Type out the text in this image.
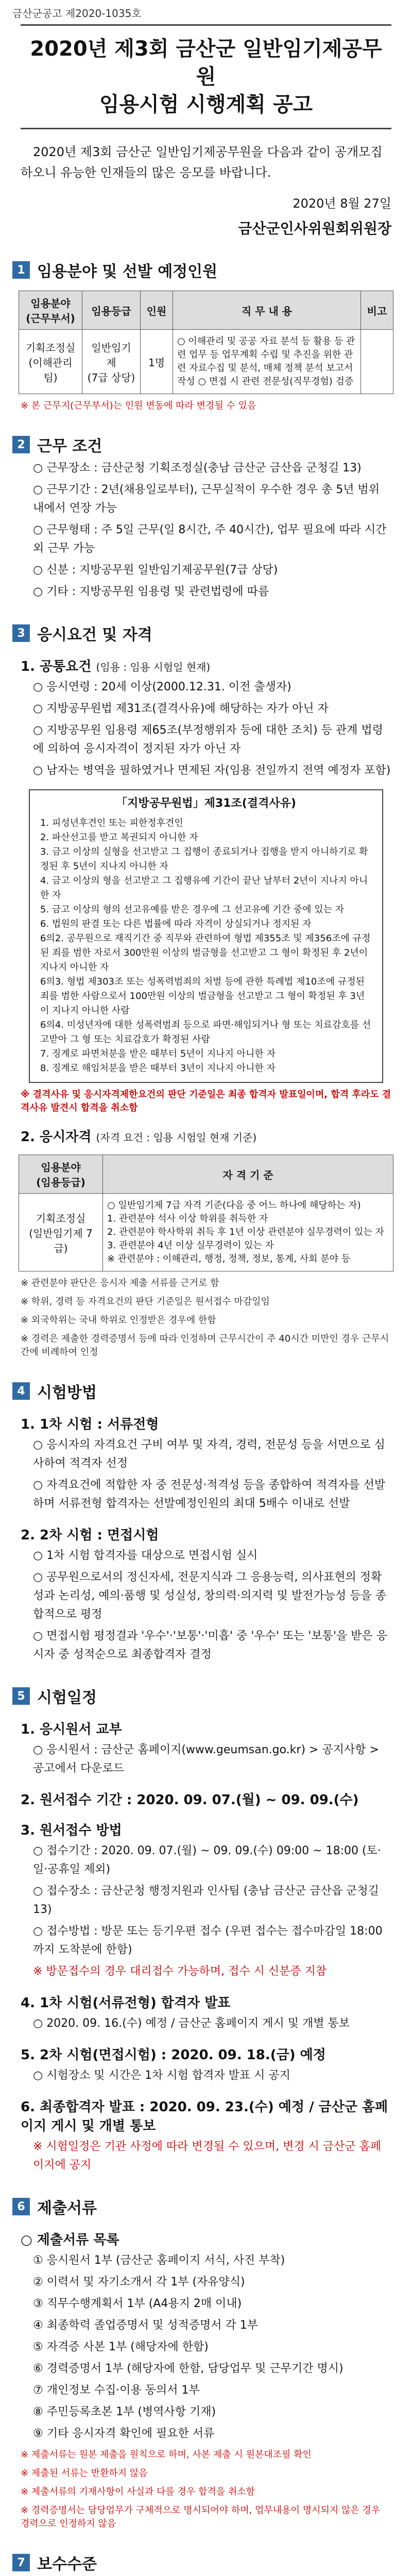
금산군공고 제2020-1035호
2020년 제3회 금산군 일반임기제공무원
임용시험 시행계획 공고
2020년 제3회 금산군 일반임기제공무원을 다음과 같이 공개모집 하오니 유능한 인재들의 많은 응모를 바랍니다.
2020년 8월 27일
금산군인사위원회위원장
1 임용분야 및 선발 예정인원
임용분야
(근무부서)	임용등급	인원	직 무 내 용	비고
기획조정실
(이해관리팀)	일반임기제
(7급 상당)	1명	○ 이해관리 및 공공 자료 분석 등 활용 등 관련 업무 등 업무계획 수립 및 추진을 위한 관련 자료수집 및 분석, 매체 정책 분석 보고서 작성 ○ 면접 시 관련 전문성(직무경험) 검증	
※ 본 근무지(근무부서)는 인원 변동에 따라 변경될 수 있음
2 근무 조건
○ 근무장소 : 금산군청 기획조정실(충남 금산군 금산읍 군청길 13)
○ 근무기간 : 2년(채용일로부터), 근무실적이 우수한 경우 총 5년 범위 내에서 연장 가능
○ 근무형태 : 주 5일 근무(일 8시간, 주 40시간), 업무 필요에 따라 시간 외 근무 가능
○ 신분 : 지방공무원 일반임기제공무원(7급 상당)
○ 기타 : 지방공무원 임용령 및 관련법령에 따름
3 응시요건 및 자격
1. 공통요건 (임용 : 임용 시험일 현재)
○ 응시연령 : 20세 이상(2000.12.31. 이전 출생자)
○ 지방공무원법 제31조(결격사유)에 해당하는 자가 아닌 자
○ 지방공무원 임용령 제65조(부정행위자 등에 대한 조치) 등 관계 법령에 의하여 응시자격이 정지된 자가 아닌 자
○ 남자는 병역을 필하였거나 면제된 자(임용 전일까지 전역 예정자 포함)
「지방공무원법」제31조(결격사유)
1. 피성년후견인 또는 피한정후견인
2. 파산선고를 받고 복권되지 아니한 자
3. 금고 이상의 실형을 선고받고 그 집행이 종료되거나 집행을 받지 아니하기로 확정된 후 5년이 지나지 아니한 자
4. 금고 이상의 형을 선고받고 그 집행유예 기간이 끝난 날부터 2년이 지나지 아니한 자
5. 금고 이상의 형의 선고유예를 받은 경우에 그 선고유예 기간 중에 있는 자
6. 법원의 판결 또는 다른 법률에 따라 자격이 상실되거나 정지된 자
6의2. 공무원으로 재직기간 중 직무와 관련하여 형법 제355조 및 제356조에 규정된 죄를 범한 자로서 300만원 이상의 벌금형을 선고받고 그 형이 확정된 후 2년이 지나지 아니한 자
6의3. 형법 제303조 또는 성폭력범죄의 처벌 등에 관한 특례법 제10조에 규정된 죄를 범한 사람으로서 100만원 이상의 벌금형을 선고받고 그 형이 확정된 후 3년이 지나지 아니한 사람
6의4. 미성년자에 대한 성폭력범죄 등으로 파면·해임되거나 형 또는 치료감호를 선고받아 그 형 또는 치료감호가 확정된 사람
7. 징계로 파면처분을 받은 때부터 5년이 지나지 아니한 자
8. 징계로 해임처분을 받은 때부터 3년이 지나지 아니한 자
※ 결격사유 및 응시자격제한요건의 판단 기준일은 최종 합격자 발표일이며, 합격 후라도 결격사유 발견시 합격을 취소함
2. 응시자격 (자격 요건 : 임용 시험일 현재 기준)
임용분야
(임용등급)	자 격 기 준
기획조정실
(일반임기제 7급)	○ 일반임기제 7급 자격 기준(다음 중 어느 하나에 해당하는 자)
1. 관련분야 석사 이상 학위를 취득한 자
2. 관련분야 학사학위 취득 후 1년 이상 관련분야 실무경력이 있는 자
3. 관련분야 4년 이상 실무경력이 있는 자
※ 관련분야 : 이해관리, 행정, 정책, 정보, 통계, 사회 분야 등
※ 관련분야 판단은 응시자 제출 서류를 근거로 함
※ 학위, 경력 등 자격요건의 판단 기준일은 원서접수 마감일임
※ 외국학위는 국내 학위로 인정받은 경우에 한함
※ 경력은 제출한 경력증명서 등에 따라 인정하며 근무시간이 주 40시간 미만인 경우 근무시간에 비례하여 인정
4 시험방법
1. 1차 시험 : 서류전형
○ 응시자의 자격요건 구비 여부 및 자격, 경력, 전문성 등을 서면으로 심사하여 적격자 선정
○ 자격요건에 적합한 자 중 전문성·적격성 등을 종합하여 적격자를 선발하며 서류전형 합격자는 선발예정인원의 최대 5배수 이내로 선발
2. 2차 시험 : 면접시험
○ 1차 시험 합격자를 대상으로 면접시험 실시
○ 공무원으로서의 정신자세, 전문지식과 그 응용능력, 의사표현의 정확성과 논리성, 예의·품행 및 성실성, 창의력·의지력 및 발전가능성 등을 종합적으로 평정
○ 면접시험 평정결과 '우수'·'보통'·'미흡' 중 '우수' 또는 '보통'을 받은 응시자 중 성적순으로 최종합격자 결정
5 시험일정
1. 응시원서 교부
○ 응시원서 : 금산군 홈페이지(www.geumsan.go.kr) > 공지사항 > 공고에서 다운로드
2. 원서접수 기간 : 2020. 09. 07.(월) ~ 09. 09.(수)
3. 원서접수 방법
○ 접수기간 : 2020. 09. 07.(월) ~ 09. 09.(수) 09:00 ~ 18:00 (토·일·공휴일 제외)
○ 접수장소 : 금산군청 행정지원과 인사팀 (충남 금산군 금산읍 군청길 13)
○ 접수방법 : 방문 또는 등기우편 접수 (우편 접수는 접수마감일 18:00까지 도착분에 한함)
※ 방문접수의 경우 대리접수 가능하며, 접수 시 신분증 지참
4. 1차 시험(서류전형) 합격자 발표
○ 2020. 09. 16.(수) 예정 / 금산군 홈페이지 게시 및 개별 통보
5. 2차 시험(면접시험) : 2020. 09. 18.(금) 예정
○ 시험장소 및 시간은 1차 시험 합격자 발표 시 공지
6. 최종합격자 발표 : 2020. 09. 23.(수) 예정 / 금산군 홈페이지 게시 및 개별 통보
※ 시험일정은 기관 사정에 따라 변경될 수 있으며, 변경 시 금산군 홈페이지에 공지
6 제출서류
○ 제출서류 목록
① 응시원서 1부 (금산군 홈페이지 서식, 사진 부착)
② 이력서 및 자기소개서 각 1부 (자유양식)
③ 직무수행계획서 1부 (A4용지 2매 이내)
④ 최종학력 졸업증명서 및 성적증명서 각 1부
⑤ 자격증 사본 1부 (해당자에 한함)
⑥ 경력증명서 1부 (해당자에 한함, 담당업무 및 근무기간 명시)
⑦ 개인정보 수집·이용 동의서 1부
⑧ 주민등록초본 1부 (병역사항 기재)
⑨ 기타 응시자격 확인에 필요한 서류
※ 제출서류는 원본 제출을 원칙으로 하며, 사본 제출 시 원본대조필 확인
※ 제출된 서류는 반환하지 않음
※ 제출서류의 기재사항이 사실과 다를 경우 합격을 취소함
※ 경력증명서는 담당업무가 구체적으로 명시되어야 하며, 업무내용이 명시되지 않은 경우 경력으로 인정하지 않음
7 보수수준
